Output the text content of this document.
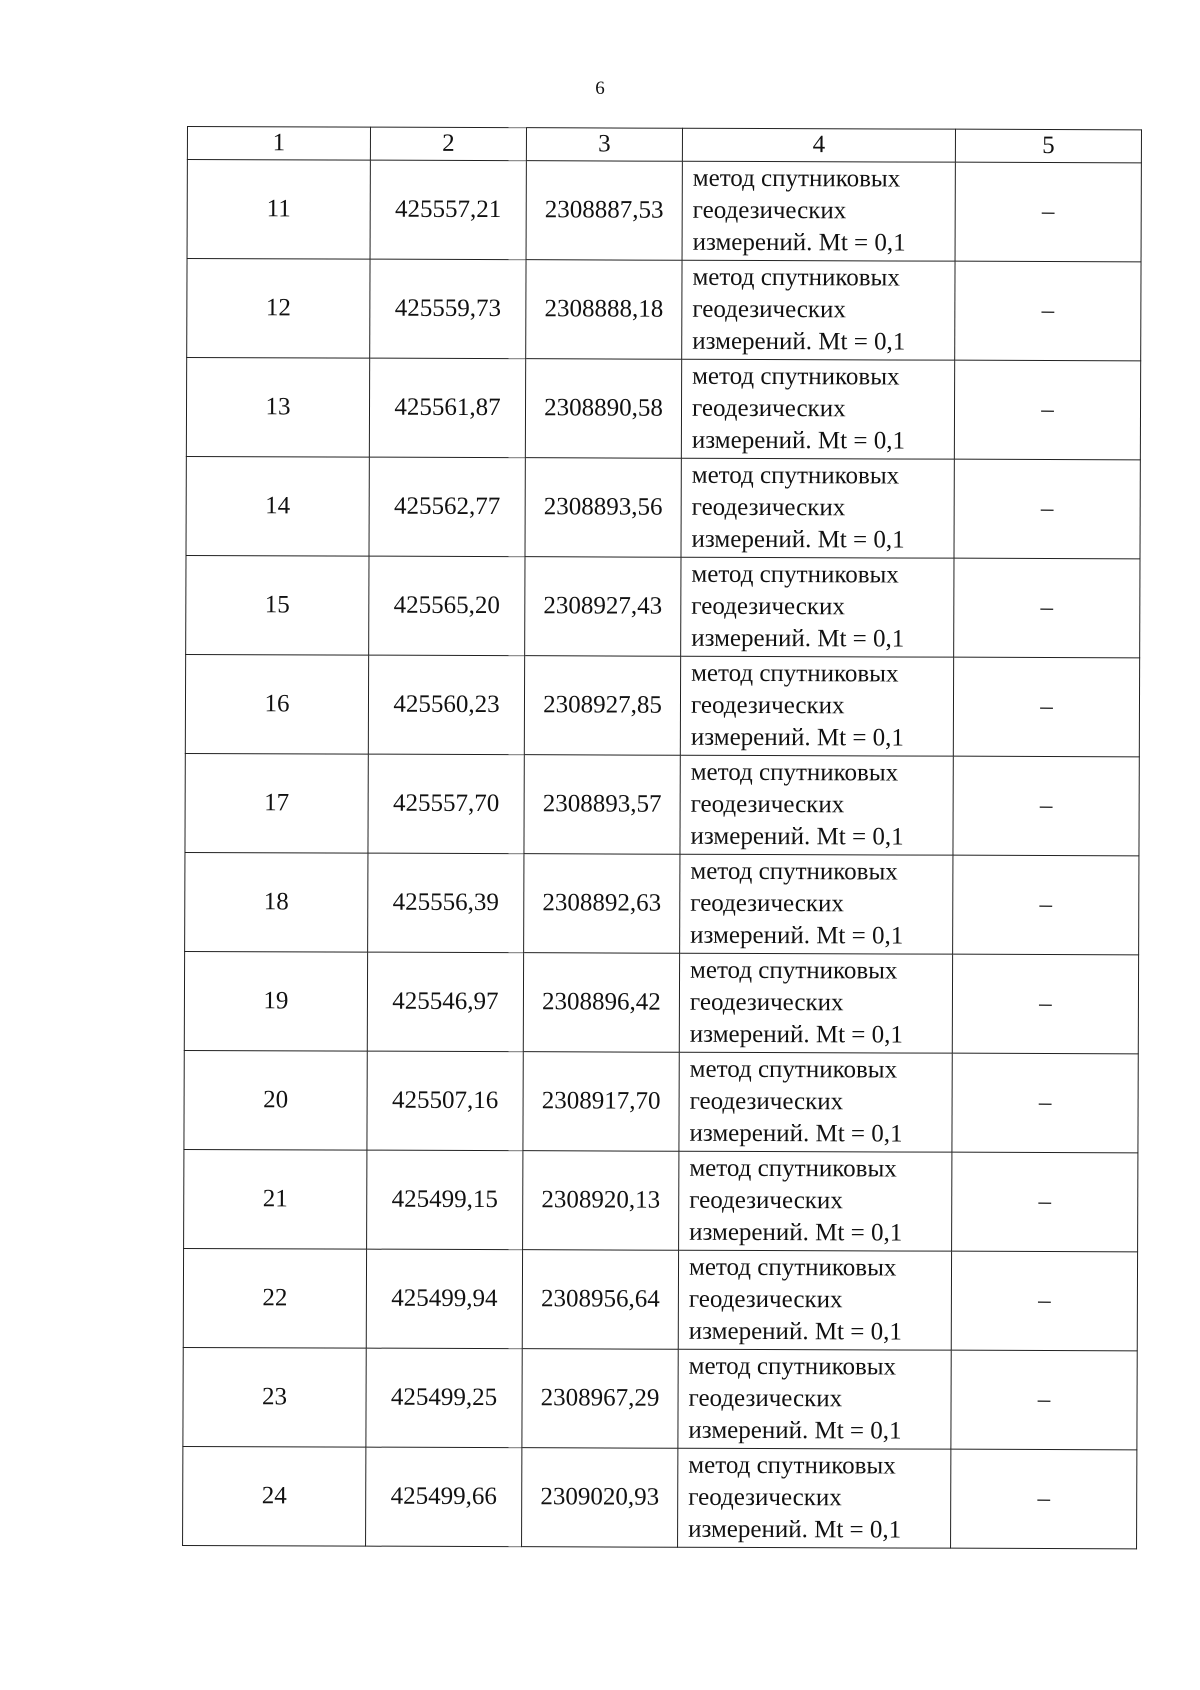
6
1	2	3	4	5
11	425557,21	2308887,53	метод спутниковых
геодезических
измерений. Mt = 0,1	–
12	425559,73	2308888,18	метод спутниковых
геодезических
измерений. Mt = 0,1	–
13	425561,87	2308890,58	метод спутниковых
геодезических
измерений. Mt = 0,1	–
14	425562,77	2308893,56	метод спутниковых
геодезических
измерений. Mt = 0,1	–
15	425565,20	2308927,43	метод спутниковых
геодезических
измерений. Mt = 0,1	–
16	425560,23	2308927,85	метод спутниковых
геодезических
измерений. Mt = 0,1	–
17	425557,70	2308893,57	метод спутниковых
геодезических
измерений. Mt = 0,1	–
18	425556,39	2308892,63	метод спутниковых
геодезических
измерений. Mt = 0,1	–
19	425546,97	2308896,42	метод спутниковых
геодезических
измерений. Mt = 0,1	–
20	425507,16	2308917,70	метод спутниковых
геодезических
измерений. Mt = 0,1	–
21	425499,15	2308920,13	метод спутниковых
геодезических
измерений. Mt = 0,1	–
22	425499,94	2308956,64	метод спутниковых
геодезических
измерений. Mt = 0,1	–
23	425499,25	2308967,29	метод спутниковых
геодезических
измерений. Mt = 0,1	–
24	425499,66	2309020,93	метод спутниковых
геодезических
измерений. Mt = 0,1	–
